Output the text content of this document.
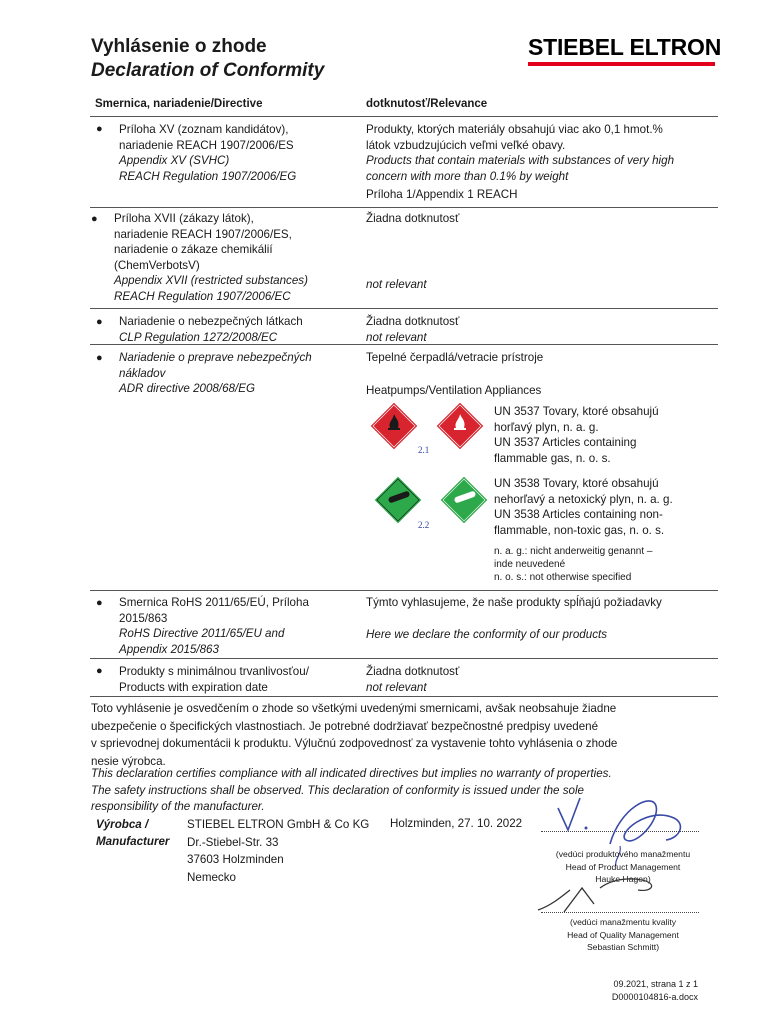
Vyhlásenie o zhode
Declaration of Conformity
STIEBEL ELTRON
Smernica, nariadenie/Directive	dotknutosť/Relevance
● Príloha XV (zoznam kandidátov),
nariadenie REACH 1907/2006/ES
Appendix XV (SVHC)
REACH Regulation 1907/2006/EG
Produkty, ktorých materiály obsahujú viac ako 0,1 hmot.%
látok vzbudzujúcich veľmi veľké obavy.
Products that contain materials with substances of very high
concern with more than 0.1% by weight
Príloha 1/Appendix 1 REACH
● Príloha XVII (zákazy látok),
nariadenie REACH 1907/2006/ES,
nariadenie o zákaze chemikálií
(ChemVerbotsV)
Appendix XVII (restricted substances)
REACH Regulation 1907/2006/EC
Žiadna dotknutosť
not relevant
● Nariadenie o nebezpečných látkach
CLP Regulation 1272/2008/EC
Žiadna dotknutosť
not relevant
● Nariadenie o preprave nebezpečných
nákladov
ADR directive 2008/68/EG
Tepelné čerpadlá/vetracie prístroje
Heatpumps/Ventilation Appliances
2.1
2.2
UN 3537 Tovary, ktoré obsahujú
horľavý plyn, n. a. g.
UN 3537 Articles containing
flammable gas, n. o. s.
UN 3538 Tovary, ktoré obsahujú
nehorľavý a netoxický plyn, n. a. g.
UN 3538 Articles containing non-
flammable, non-toxic gas, n. o. s.
n. a. g.: nicht anderweitig genannt –
inde neuvedené
n. o. s.: not otherwise specified
● Smernica RoHS 2011/65/EÚ, Príloha
2015/863
RoHS Directive 2011/65/EU and
Appendix 2015/863
Týmto vyhlasujeme, že naše produkty spĺňajú požiadavky
Here we declare the conformity of our products
● Produkty s minimálnou trvanlivosťou/
Products with expiration date
Žiadna dotknutosť
not relevant
Toto vyhlásenie je osvedčením o zhode so všetkými uvedenými smernicami, avšak neobsahuje žiadne
ubezpečenie o špecifických vlastnostiach. Je potrebné dodržiavať bezpečnostné predpisy uvedené
v sprievodnej dokumentácii k produktu. Výlučnú zodpovednosť za vystavenie tohto vyhlásenia o zhode
nesie výrobca.
This declaration certifies compliance with all indicated directives but implies no warranty of properties.
The safety instructions shall be observed. This declaration of conformity is issued under the sole
responsibility of the manufacturer.
Výrobca /
Manufacturer
STIEBEL ELTRON GmbH & Co KG
Dr.-Stiebel-Str. 33
37603 Holzminden
Nemecko
Holzminden, 27. 10. 2022
(vedúci produktového manažmentu
Head of Product Management
Hauke Hagen)
(vedúci manažmentu kvality
Head of Quality Management
Sebastian Schmitt)
09.2021, strana 1 z 1
D0000104816-a.docx
